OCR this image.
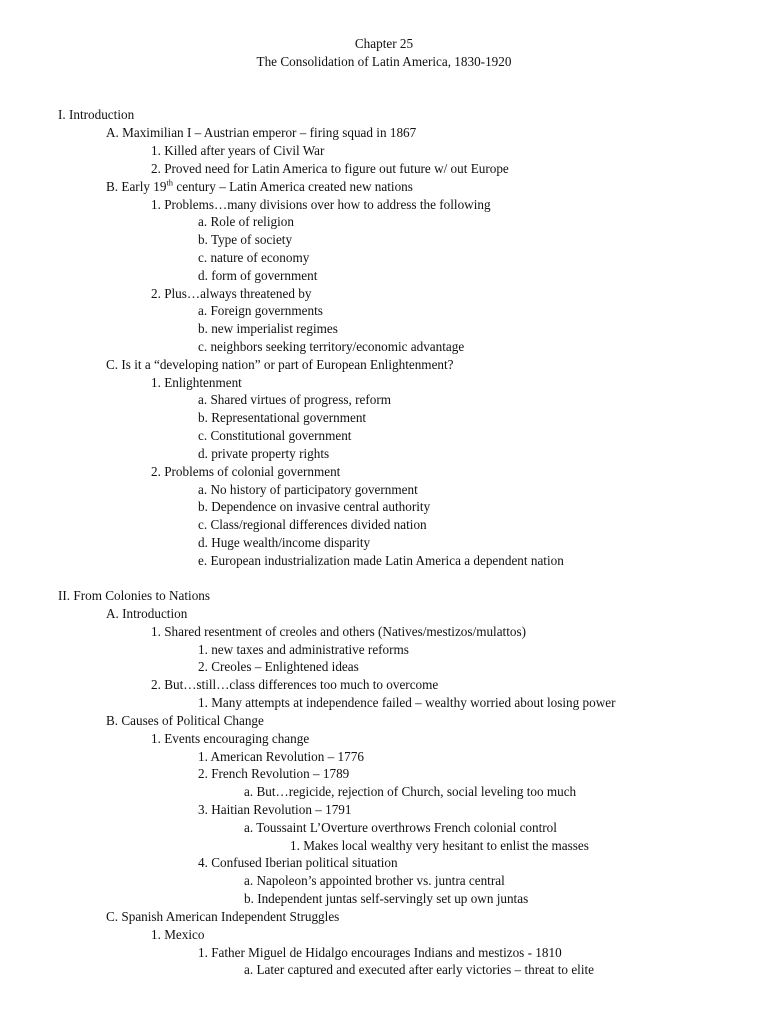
Chapter 25
The Consolidation of Latin America, 1830-1920
I. Introduction
A. Maximilian I – Austrian emperor – firing squad in 1867
1. Killed after years of Civil War
2. Proved need for Latin America to figure out future w/ out Europe
B. Early 19th century – Latin America created new nations
1. Problems…many divisions over how to address the following
a. Role of religion
b. Type of society
c. nature of economy
d. form of government
2. Plus…always threatened by
a. Foreign governments
b. new imperialist regimes
c. neighbors seeking territory/economic advantage
C. Is it a “developing nation” or part of European Enlightenment?
1. Enlightenment
a. Shared virtues of progress, reform
b. Representational government
c. Constitutional government
d. private property rights
2. Problems of colonial government
a. No history of participatory government
b. Dependence on invasive central authority
c. Class/regional differences divided nation
d. Huge wealth/income disparity
e. European industrialization made Latin America a dependent nation
II. From Colonies to Nations
A. Introduction
1. Shared resentment of creoles and others (Natives/mestizos/mulattos)
1. new taxes and administrative reforms
2. Creoles – Enlightened ideas
2. But…still…class differences too much to overcome
1. Many attempts at independence failed – wealthy worried about losing power
B. Causes of Political Change
1. Events encouraging change
1. American Revolution – 1776
2. French Revolution – 1789
a. But…regicide, rejection of Church, social leveling too much
3. Haitian Revolution – 1791
a. Toussaint L’Overture overthrows French colonial control
1. Makes local wealthy very hesitant to enlist the masses
4. Confused Iberian political situation
a. Napoleon’s appointed brother vs. juntra central
b. Independent juntas self-servingly set up own juntas
C. Spanish American Independent Struggles
1. Mexico
1. Father Miguel de Hidalgo encourages Indians and mestizos - 1810
a. Later captured and executed after early victories – threat to elite
